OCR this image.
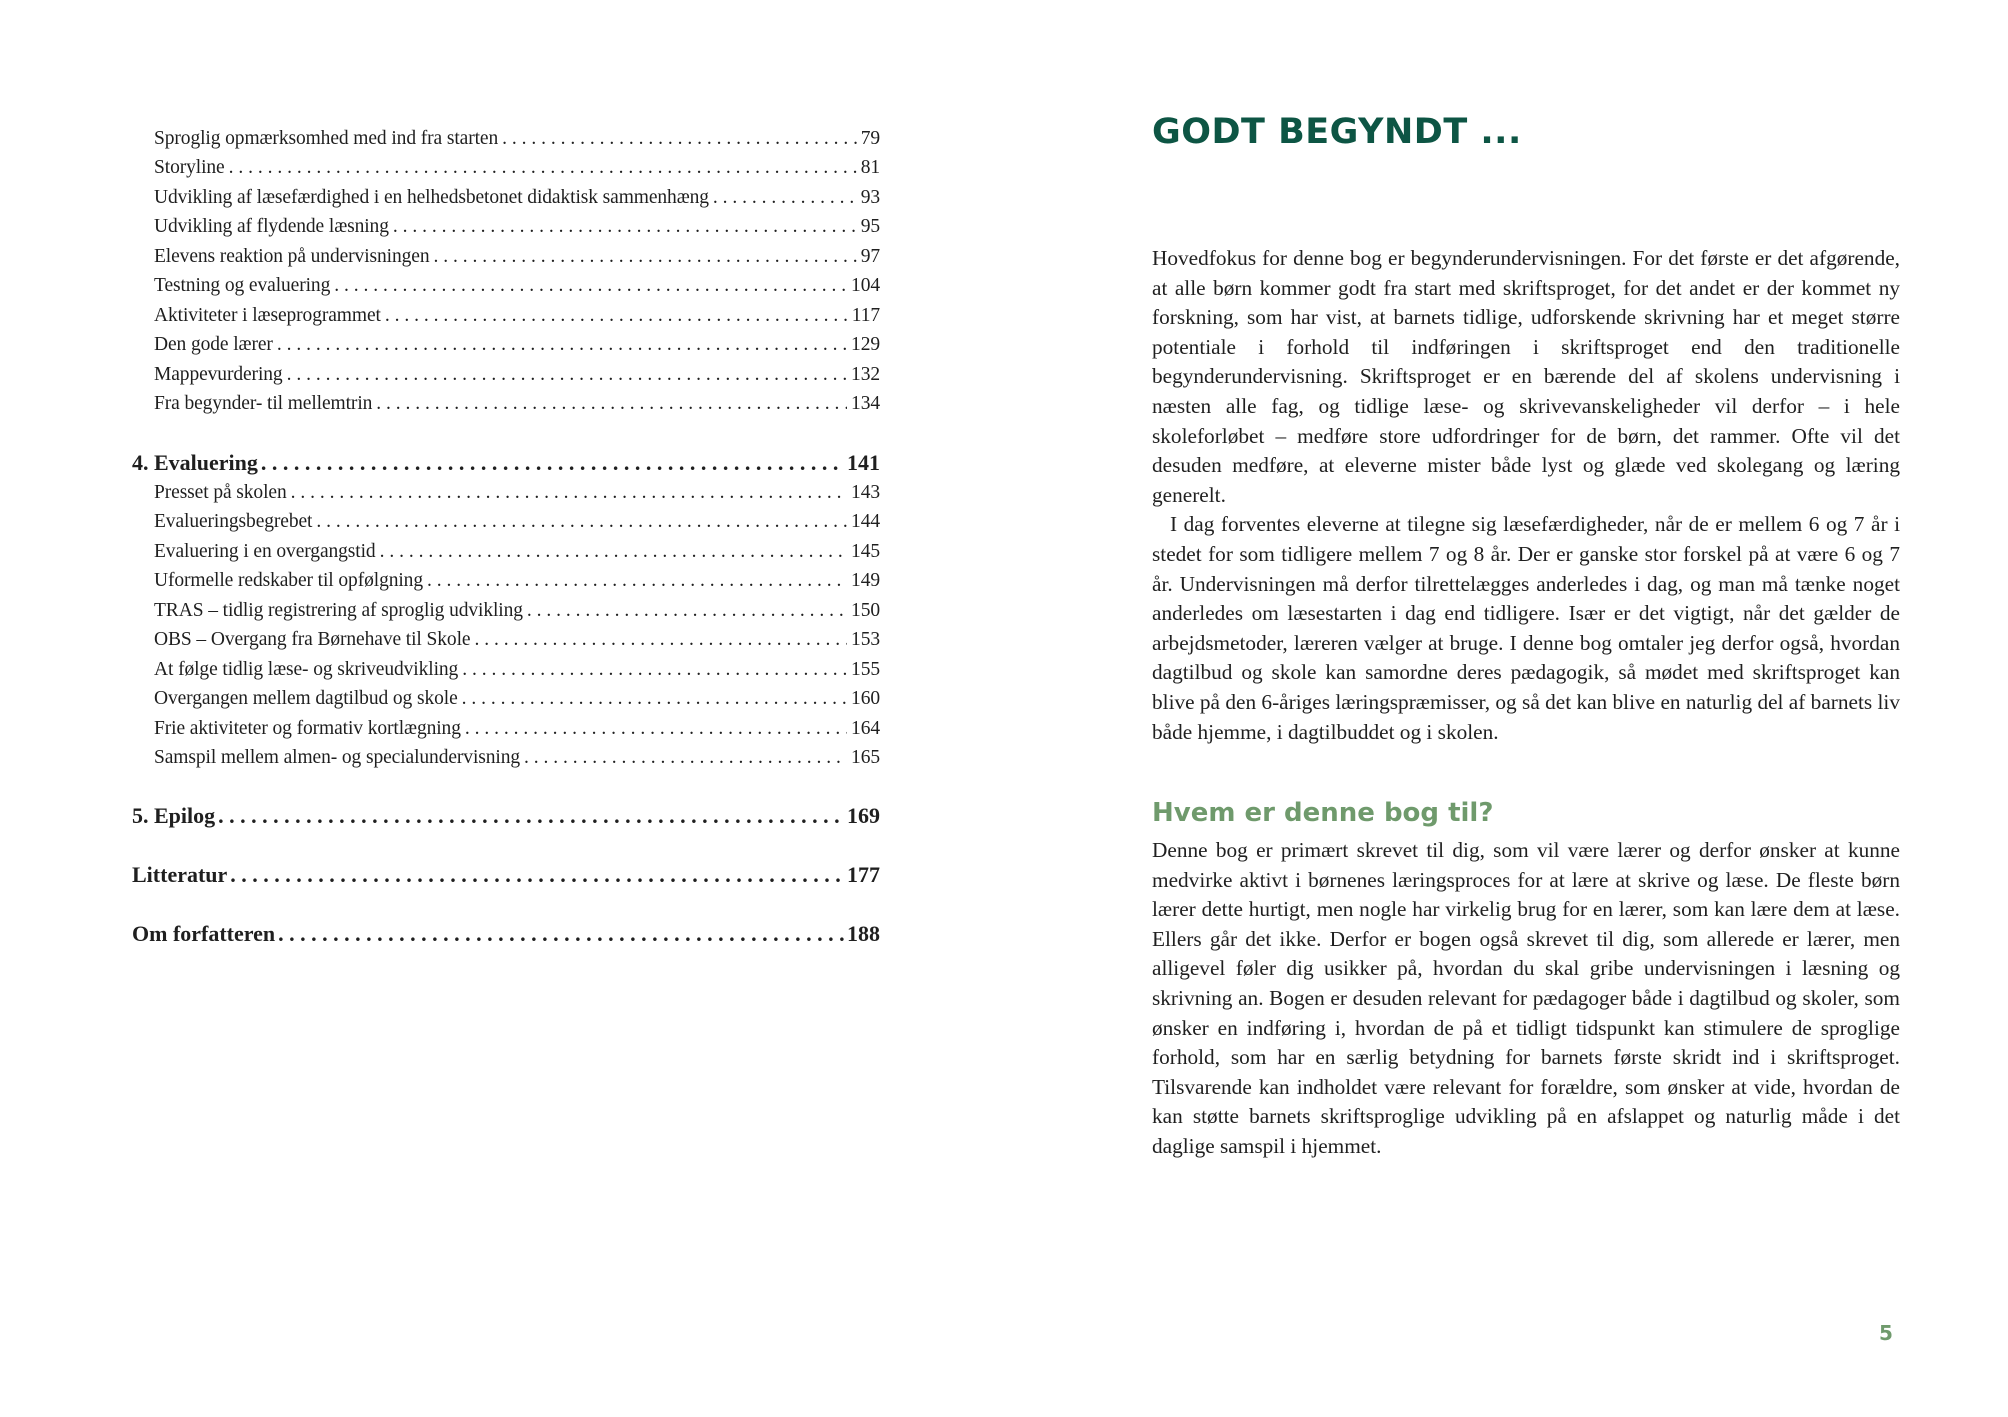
Sproglig opmærksomhed med ind fra starten . . .	79
Storyline . . .	81
Udvikling af læsefærdighed i en helhedsbetonet didaktisk sammenhæng . . .	93
Udvikling af flydende læsning . . .	95
Elevens reaktion på undervisningen . . .	97
Testning og evaluering . . .	104
Aktiviteter i læseprogrammet . . .	117
Den gode lærer . . .	129
Mappevurdering . . .	132
Fra begynder- til mellemtrin . . .	134
4. Evaluering . . .	141
Presset på skolen . . .	143
Evalueringsbegrebet . . .	144
Evaluering i en overgangstid . . .	145
Uformelle redskaber til opfølgning . . .	149
TRAS – tidlig registrering af sproglig udvikling . . .	150
OBS – Overgang fra Børnehave til Skole . . .	153
At følge tidlig læse- og skriveudvikling . . .	155
Overgangen mellem dagtilbud og skole . . .	160
Frie aktiviteter og formativ kortlægning . . .	164
Samspil mellem almen- og specialundervisning . . .	165
5. Epilog . . .	169
Litteratur . . .	177
Om forfatteren . . .	188
GODT BEGYNDT ...

Hovedfokus for denne bog er begynderundervisningen. For det første er det afgørende, at alle børn kommer godt fra start med skriftsproget, for det andet er der kommet ny forskning, som har vist, at barnets tidlige, udforskende skrivning har et meget større potentiale i forhold til indføringen i skriftsproget end den traditionelle begynderundervisning. Skriftsproget er en bærende del af skolens undervisning i næsten alle fag, og tidlige læse- og skrivevanskeligheder vil derfor – i hele skoleforløbet – medføre store udfordringer for de børn, det rammer. Ofte vil det desuden medføre, at eleverne mister både lyst og glæde ved skolegang og læring generelt.

I dag forventes eleverne at tilegne sig læsefærdigheder, når de er mellem 6 og 7 år i stedet for som tidligere mellem 7 og 8 år. Der er ganske stor forskel på at være 6 og 7 år. Undervisningen må derfor tilrettelægges anderledes i dag, og man må tænke noget anderledes om læsestarten i dag end tidligere. Især er det vigtigt, når det gælder de arbejdsmetoder, læreren vælger at bruge. I denne bog omtaler jeg derfor også, hvordan dagtilbud og skole kan samordne deres pædagogik, så mødet med skriftsproget kan blive på den 6-åriges læringspræmisser, og så det kan blive en naturlig del af barnets liv både hjemme, i dagtilbuddet og i skolen.

Hvem er denne bog til?

Denne bog er primært skrevet til dig, som vil være lærer og derfor ønsker at kunne medvirke aktivt i børnenes læringsproces for at lære at skrive og læse. De fleste børn lærer dette hurtigt, men nogle har virkelig brug for en lærer, som kan lære dem at læse. Ellers går det ikke. Derfor er bogen også skrevet til dig, som allerede er lærer, men alligevel føler dig usikker på, hvordan du skal gribe undervisningen i læsning og skrivning an. Bogen er desuden relevant for pædagoger både i dagtilbud og skoler, som ønsker en indføring i, hvordan de på et tidligt tidspunkt kan stimulere de sproglige forhold, som har en særlig betydning for barnets første skridt ind i skriftsproget. Tilsvarende kan indholdet være relevant for forældre, som ønsker at vide, hvordan de kan støtte barnets skriftsproglige udvikling på en afslappet og naturlig måde i det daglige samspil i hjemmet.

5
